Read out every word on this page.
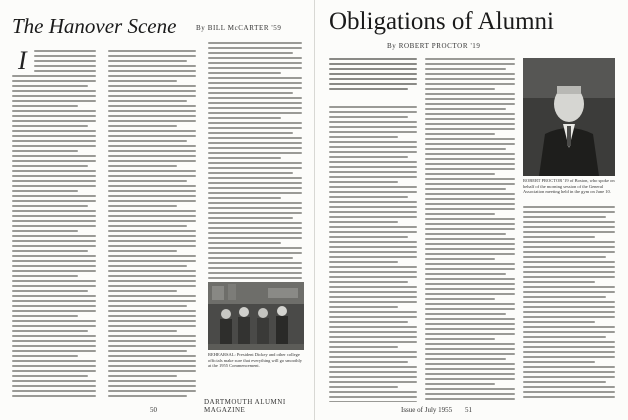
The Hanover Scene	By BILL McCARTER '59
I
REHEARSAL: President Dickey and other college officials make sure that everything will go smoothly at the 1955 Commencement.
50
DARTMOUTH ALUMNI MAGAZINE
Obligations of Alumni
By ROBERT PROCTOR '19
ROBERT PROCTOR '19 of Boston, who spoke on behalf of the morning session of the General Association meeting held in the gym on June 10.
Issue of July 1955 51
